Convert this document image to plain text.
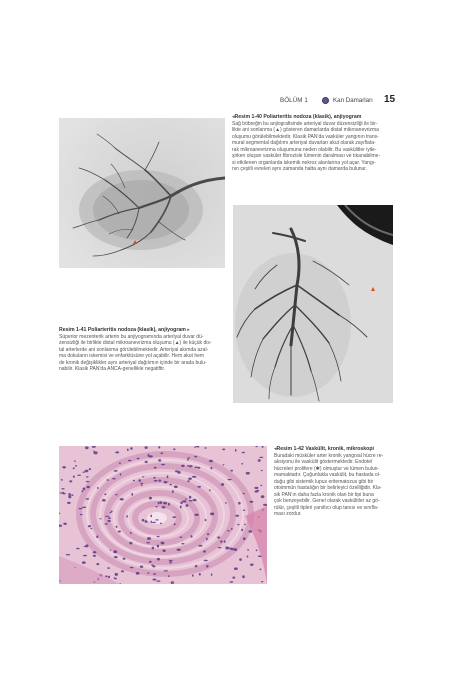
BÖLÜM 1	Kan Damarları 15

◂Resim 1-40 Poliarteritis nodoza (klasik), anjiyogram

Sağ böbreğin bu anjiografisinde arteriyal duvar düzensizliği ile bir-

likte ani sonlanma (▲) gösteren damarlarda distal mikroanevrizma

oluşumu görülebilmektedir. Klasik PAN'da vasküler yangının trans-

mural segmental dağılımı arteriyal duvarları akut olarak zayıflata-

rak mikroanevrizma oluşumuna neden olabilir. Bu vaskülitler iyile-

şirken oluşan vasküler fibrozisle lümenin daralması ve tıkanabilme-

si etkilenen organlarda iskemik nekroz alanlarına yol açar. Yangı-

nın çeşitli evreleri aynı zamanda hatta aynı damarda bulunur.

Resim 1-41 Poliarteritis nodoza (klasik), anjiyogram ▸

Süperior mezenterik arterin bu anjiyogramında arteriyal duvar dü-

zensizliği ile birlikte distal mikroanevrizma oluşumu (▲) ile küçük dis-

tal arterlerde ani sonlanma görülebilmektedir. Arteriyal akımda azal-

ma dokuların iskemisi ve enfarktüsüne yol açabilir. Hem akut hem

de kronik değişiklikler aynı arteriyal dağılımın içinde bir arada bulu-

nabilir. Klasik PAN'da ANCA-genellikle negatiftir.

◂Resim 1-42 Vaskülit, kronik, mikroskopi

Buradaki müsküler arter kronik yangısal hücre re-

aksiyonu ile vaskülit göstermektedir. Endotel

hücreleri prolifere (✱) olmuştur ve lümen bulun-

mamaktadır. Çoğunlukla vaskülit, bu hastada ol-

duğu gibi sistemik lupus eritematozus gibi bir

otoimmün hastalığın bir belirleyici özelliğidir. Kla-

sik PAN'ın daha fazla kronik olan bir tipi buna

çok benzeyebilir. Genel olarak vaskülitler az gö-

rülür, çeşitli tipleri yanıltıcı olup tanısı ve sınıfla-

ması zordur.
